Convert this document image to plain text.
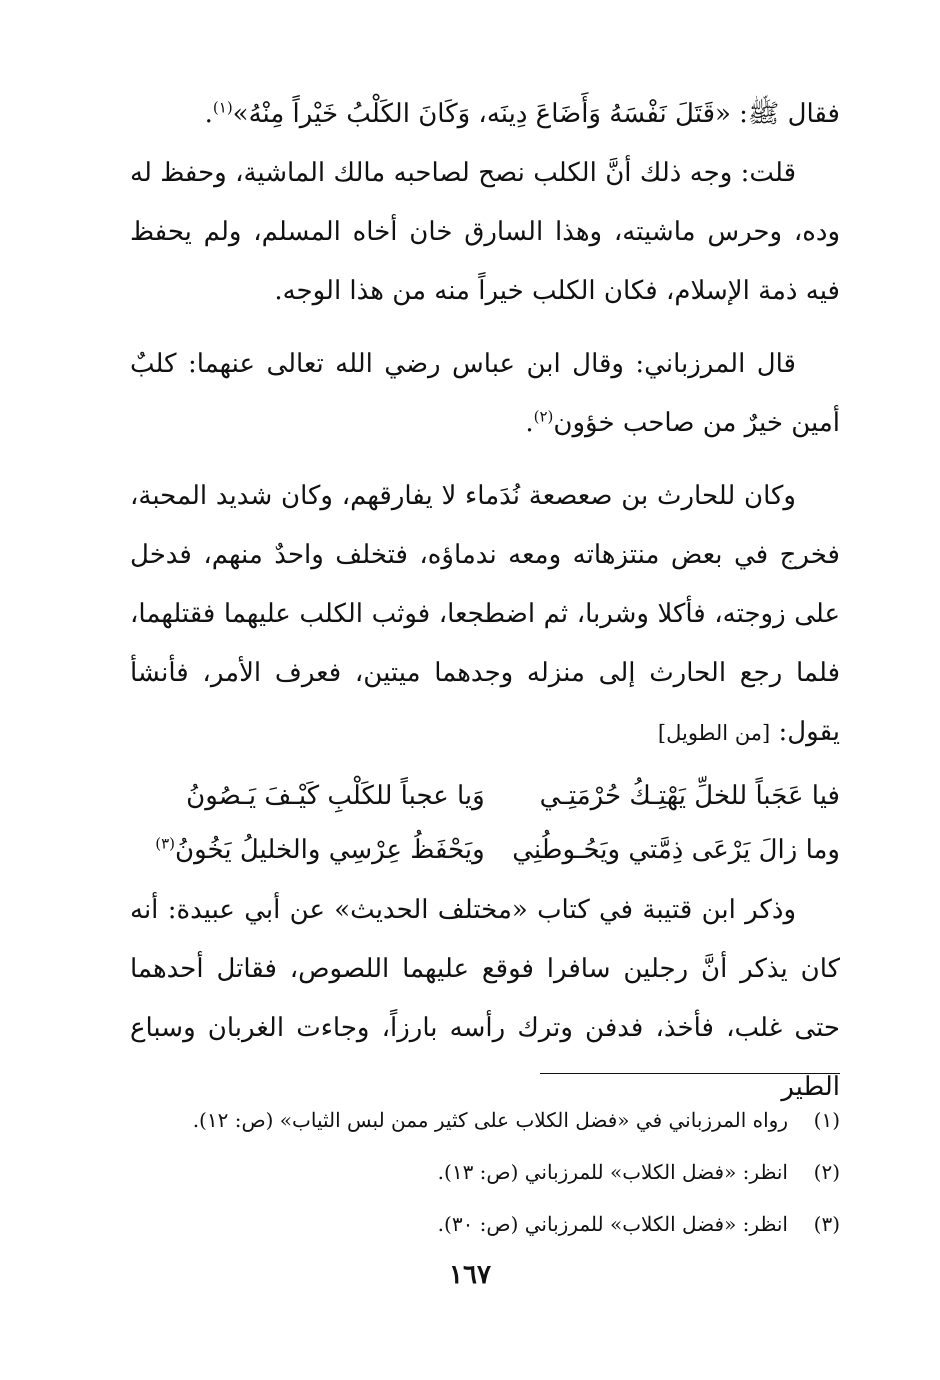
فقال ﷺ: «قَتَلَ نَفْسَهُ وَأَضَاعَ دِينَه، وَكَانَ الكَلْبُ خَيْراً مِنْهُ»$^{(١)}$.

قلت: وجه ذلك أنَّ الكلب نصح لصاحبه مالك الماشية، وحفظ له وده، وحرس ماشيته، وهذا السارق خان أخاه المسلم، ولم يحفظ فيه ذمة الإسلام، فكان الكلب خيراً منه من هذا الوجه.

قال المرزباني: وقال ابن عباس رضي الله تعالى عنهما: كلبٌ أمين خيرٌ من صاحب خؤون$^{(٢)}$.

وكان للحارث بن صعصعة نُدَماء لا يفارقهم، وكان شديد المحبة، فخرج في بعض منتزهاته ومعه ندماؤه، فتخلف واحدٌ منهم، فدخل على زوجته، فأكلا وشربا، ثم اضطجعا، فوثب الكلب عليهما فقتلهما، فلما رجع الحارث إلى منزله وجدهما ميتين، فعرف الأمر، فأنشأ يقول: [من الطويل]

فيا عَجَباً للخلِّ يَهْتِـكُ حُرْمَتِـي
وَيا عجباً للكَلْبِ كَيْـفَ يَـصُونُ
وما زالَ يَرْعَى ذِمَّتي ويَحُـوطُنِي
ويَحْفَظُ عِرْسِي والخليلُ يَخُونُ$^{(٣)}$

وذكر ابن قتيبة في كتاب «مختلف الحديث» عن أبي عبيدة: أنه كان يذكر أنَّ رجلين سافرا فوقع عليهما اللصوص، فقاتل أحدهما حتى غلب، فأخذ، فدفن وترك رأسه بارزاً، وجاءت الغربان وسباع الطير

(١)
رواه المرزباني في «فضل الكلاب على كثير ممن لبس الثياب» (ص: ١٢).
(٢)
انظر: «فضل الكلاب» للمرزباني (ص: ١٣).
(٣)
انظر: «فضل الكلاب» للمرزباني (ص: ٣٠).
١٦٧
